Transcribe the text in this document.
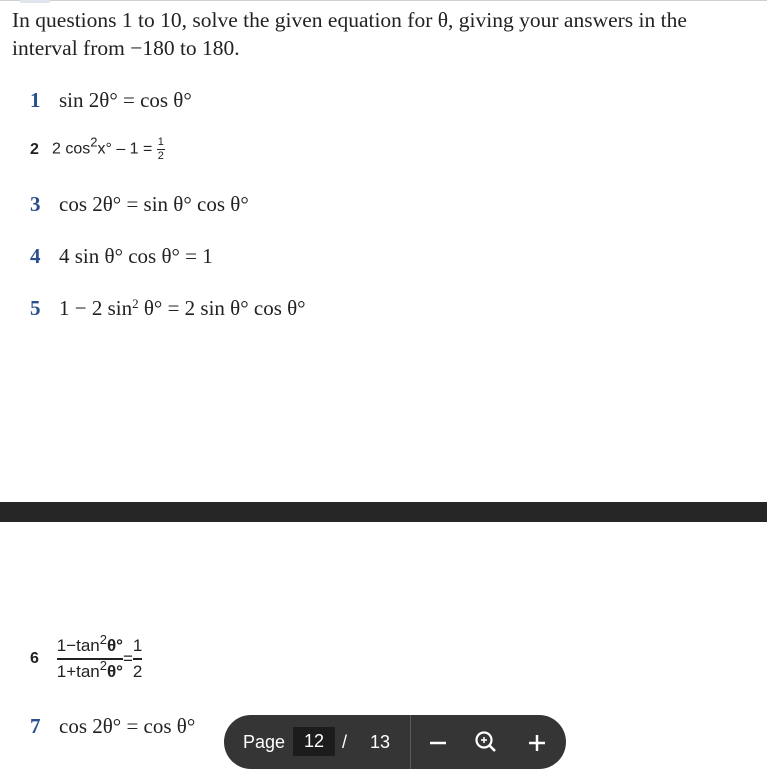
In questions 1 to 10, solve the given equation for θ, giving your answers in the interval from −180 to 180.
1 sin 2θ° = cos θ°
2 2 $\cos^2x^\circ - 1 = \frac{1}{2}$
3 cos 2θ° = sin θ° cos θ°
4 4 sin θ° cos θ° = 1
5 1 − 2 $\sin^2 \theta^\circ = 2$ sin θ° cos θ°
$6 \frac{1-\tan^2\theta^\circ}{1+\tan^2\theta^\circ} = \frac{1}{2}$
7 cos 2θ° = cos θ°
Page	12 / 13
